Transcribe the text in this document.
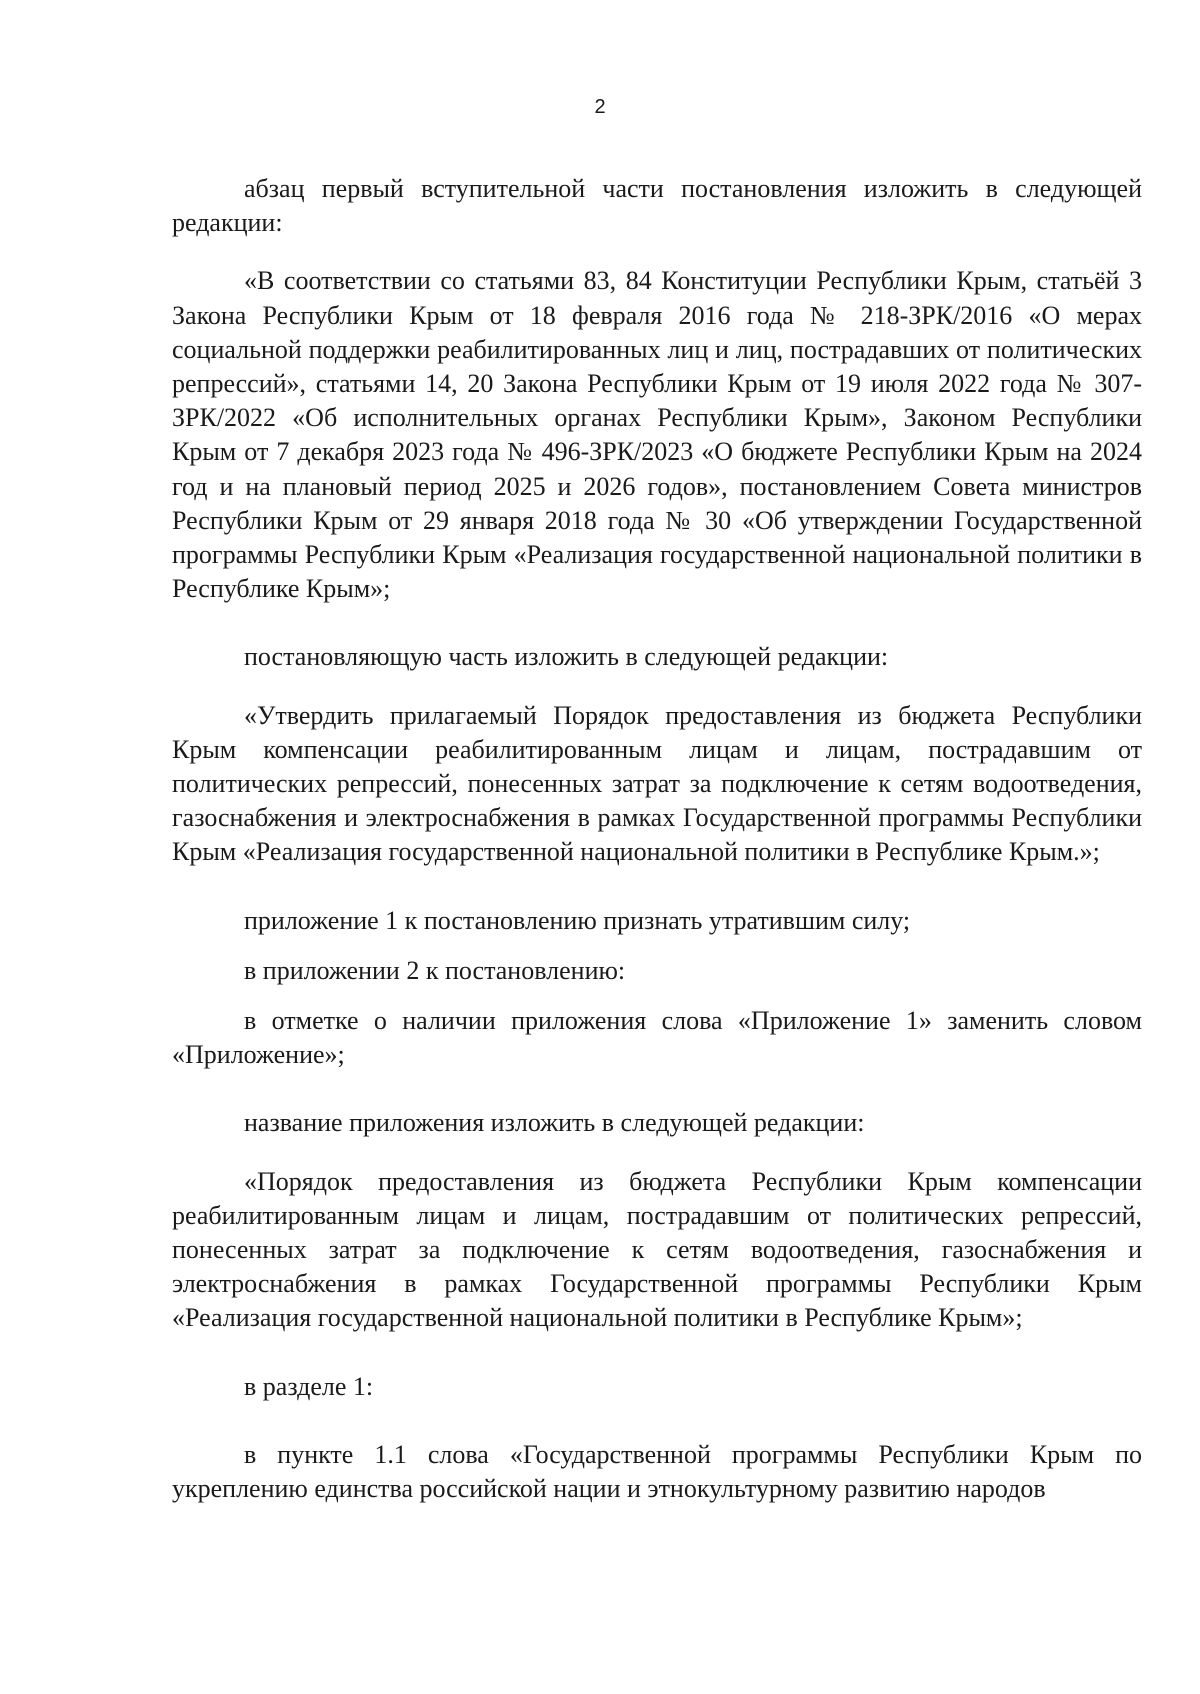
2

абзац первый вступительной части постановления изложить в следующей редакции:

«В соответствии со статьями 83, 84 Конституции Республики Крым, статьёй 3 Закона Республики Крым от 18 февраля 2016 года № 218-ЗРК/2016 «О мерах социальной поддержки реабилитированных лиц и лиц, пострадавших от политических репрессий», статьями 14, 20 Закона Республики Крым от 19 июля 2022 года № 307-ЗРК/2022 «Об исполнительных органах Республики Крым», Законом Республики Крым от 7 декабря 2023 года № 496-ЗРК/2023 «О бюджете Республики Крым на 2024 год и на плановый период 2025 и 2026 годов», постановлением Совета министров Республики Крым от 29 января 2018 года № 30 «Об утверждении Государственной программы Республики Крым «Реализация государственной национальной политики в Республике Крым»;

постановляющую часть изложить в следующей редакции:

«Утвердить прилагаемый Порядок предоставления из бюджета Республики Крым компенсации реабилитированным лицам и лицам, пострадавшим от политических репрессий, понесенных затрат за подключение к сетям водоотведения, газоснабжения и электроснабжения в рамках Государственной программы Республики Крым «Реализация государственной национальной политики в Республике Крым.»;

приложение 1 к постановлению признать утратившим силу;

в приложении 2 к постановлению:

в отметке о наличии приложения слова «Приложение 1» заменить словом «Приложение»;

название приложения изложить в следующей редакции:

«Порядок предоставления из бюджета Республики Крым компенсации реабилитированным лицам и лицам, пострадавшим от политических репрессий, понесенных затрат за подключение к сетям водоотведения, газоснабжения и электроснабжения в рамках Государственной программы Республики Крым «Реализация государственной национальной политики в Республике Крым»;

в разделе 1:

в пункте 1.1 слова «Государственной программы Республики Крым по укреплению единства российской нации и этнокультурному развитию народов
